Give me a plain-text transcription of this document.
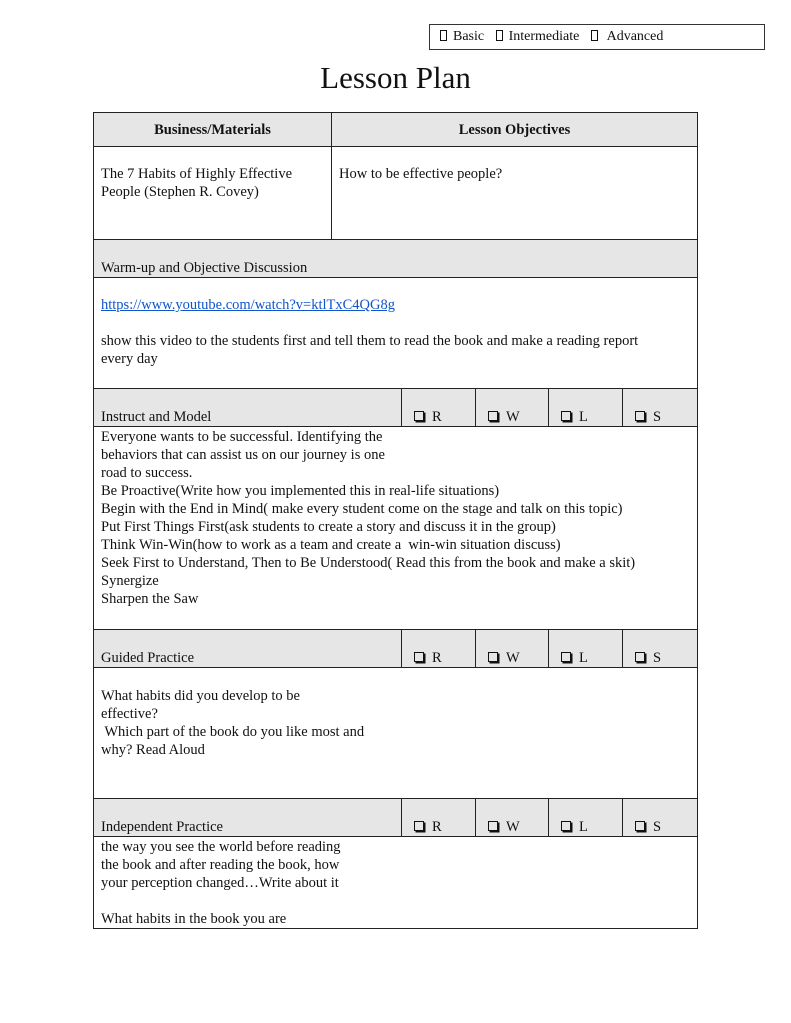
Basic Intermediate Advanced
Lesson Plan
Business/Materials	Lesson Objectives
The 7 Habits of Highly Effective
People (Stephen R. Covey)
How to be effective people?
Warm-up and Objective Discussion
https://www.youtube.com/watch?v=ktlTxC4QG8g
show this video to the students first and tell them to read the book and make a reading report
every day
Instruct and Model	R	W	L	S
Everyone wants to be successful. Identifying the
behaviors that can assist us on our journey is one
road to success.
Be Proactive(Write how you implemented this in real-life situations)
Begin with the End in Mind( make every student come on the stage and talk on this topic)
Put First Things First(ask students to create a story and discuss it in the group)
Think Win-Win(how to work as a team and create a  win-win situation discuss)
Seek First to Understand, Then to Be Understood( Read this from the book and make a skit)
Synergize
Sharpen the Saw
Guided Practice	R	W	L	S
What habits did you develop to be
effective?
Which part of the book do you like most and
why? Read Aloud
Independent Practice	R	W	L	S
the way you see the world before reading
the book and after reading the book, how
your perception changed…Write about it
What habits in the book you are
